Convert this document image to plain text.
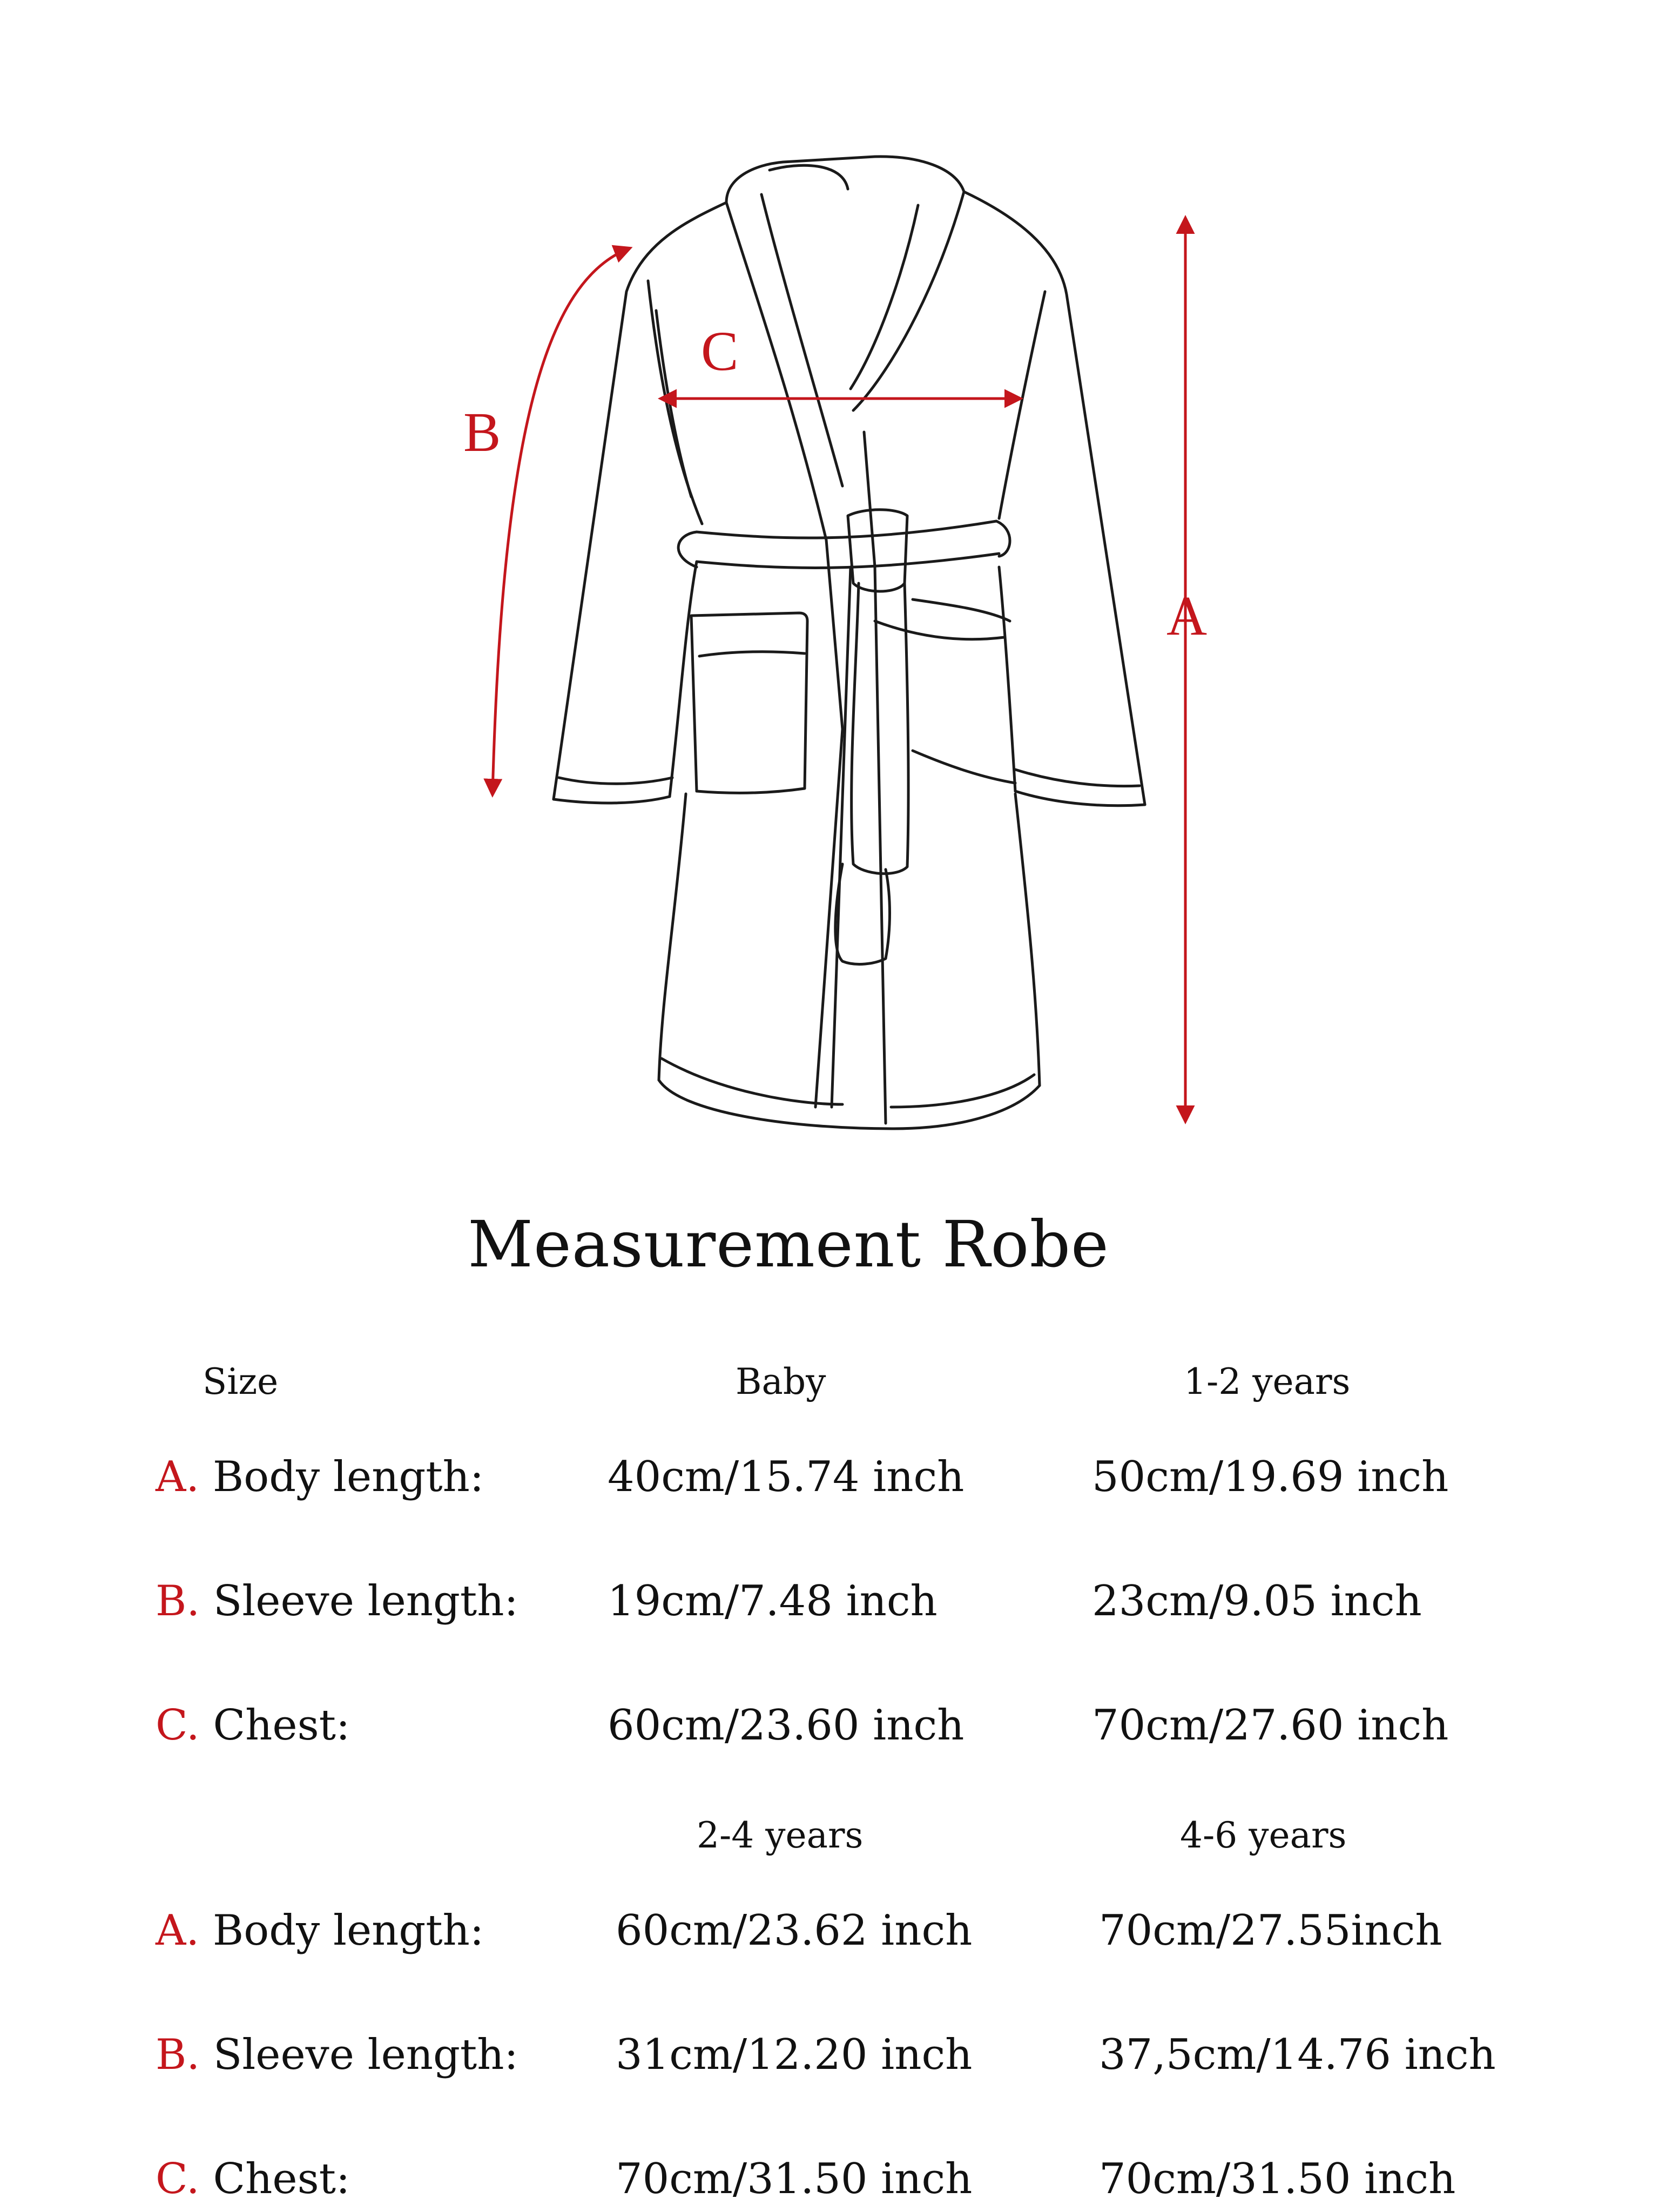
C
B
A
Measurement Robe
Size	Baby	1-2 years
A. Body length:	40cm/15.74 inch	50cm/19.69 inch
B. Sleeve length: 19cm/7.48 inch	23cm/9.05 inch
C. Chest:	60cm/23.60 inch	70cm/27.60 inch
2-4 years	4-6 years
A. Body length:	60cm/23.62 inch	70cm/27.55inch
B. Sleeve length: 31cm/12.20 inch	37,5cm/14.76 inch
C. Chest:	70cm/31.50 inch	70cm/31.50 inch
